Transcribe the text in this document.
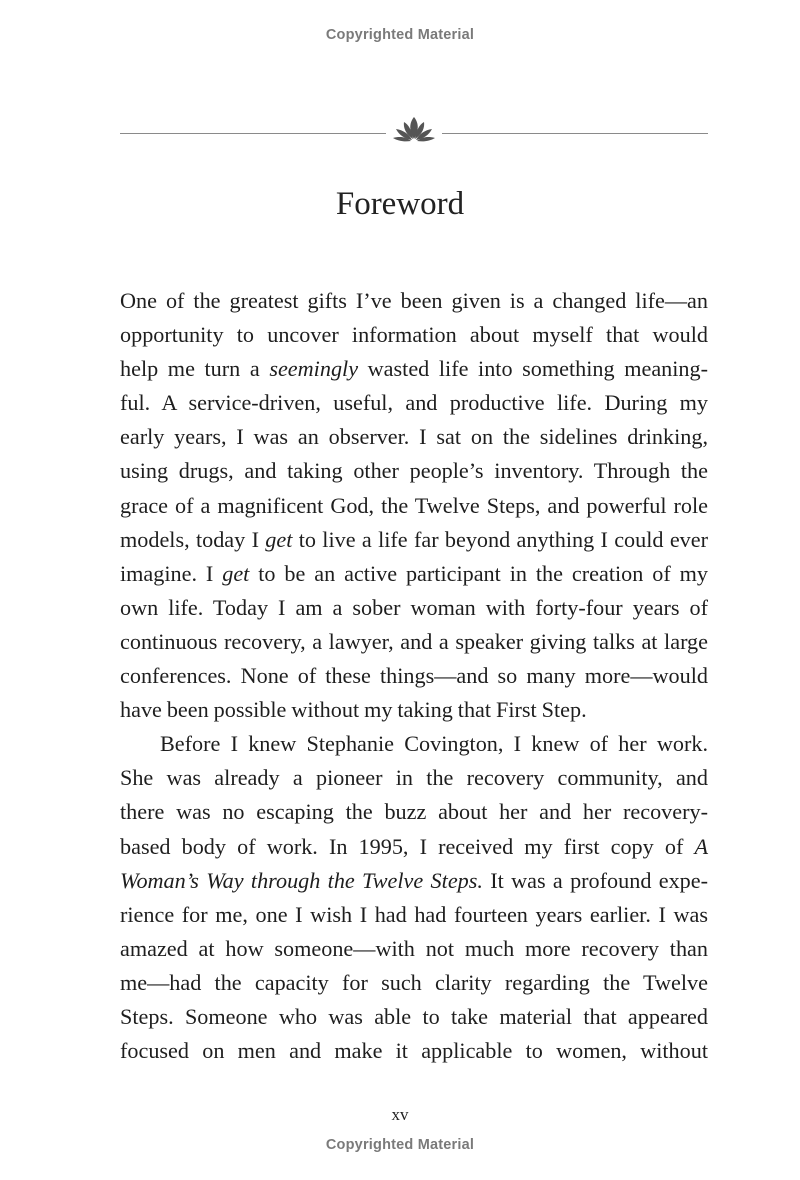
Copyrighted Material
Foreword
One of the greatest gifts I’ve been given is a changed life—an
opportunity to uncover information about myself that would
help me turn a seemingly wasted life into something meaning-
ful. A service-driven, useful, and productive life. During my
early years, I was an observer. I sat on the sidelines drinking,
using drugs, and taking other people’s inventory. Through the
grace of a magnificent God, the Twelve Steps, and powerful role
models, today I get to live a life far beyond anything I could ever
imagine. I get to be an active participant in the creation of my
own life. Today I am a sober woman with forty-four years of
continuous recovery, a lawyer, and a speaker giving talks at large
conferences. None of these things—and so many more—would
have been possible without my taking that First Step.
Before I knew Stephanie Covington, I knew of her work.
She was already a pioneer in the recovery community, and
there was no escaping the buzz about her and her recovery-
based body of work. In 1995, I received my first copy of A
Woman’s Way through the Twelve Steps. It was a profound expe-
rience for me, one I wish I had had fourteen years earlier. I was
amazed at how someone—with not much more recovery than
me—had the capacity for such clarity regarding the Twelve
Steps. Someone who was able to take material that appeared
focused on men and make it applicable to women, without
xv
Copyrighted Material
